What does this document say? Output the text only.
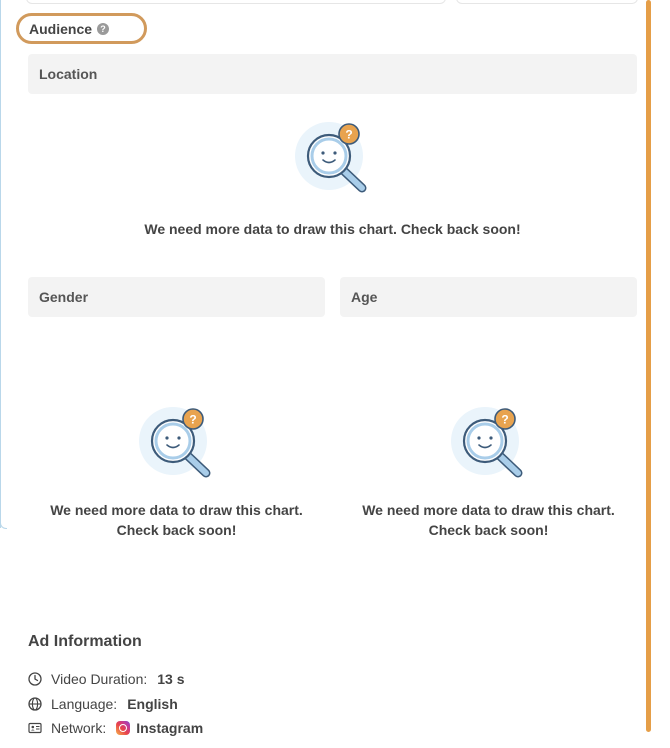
Audience ?
Location
?
We need more data to draw this chart. Check back soon!
Gender
?
We need more data to draw this chart.
Check back soon!
Age
?
We need more data to draw this chart.
Check back soon!
Ad Information
Video Duration: 13 s
Language: English
Network: Instagram
